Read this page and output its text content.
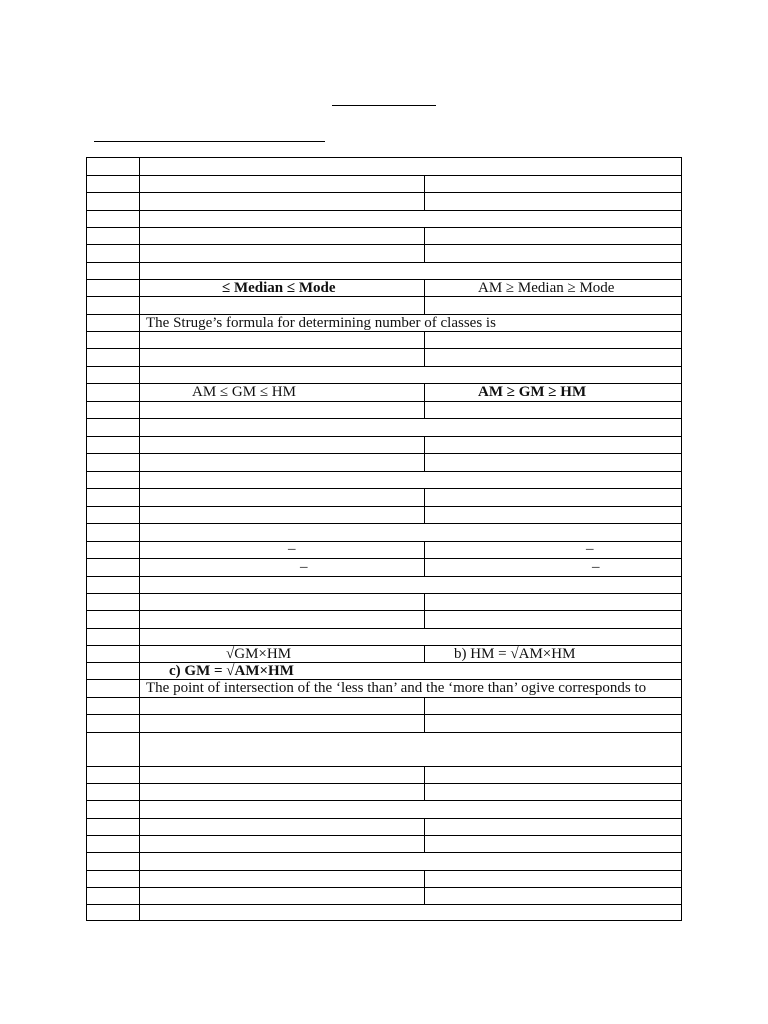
≤ Median ≤ Mode	AM ≥ Median ≥ Mode
The Struge’s formula for determining number of classes is
AM ≤ GM ≤ HM	AM ≥ GM ≥ HM
–	–
–	–
√GM×HM	b) HM = √AM×HM
c) GM = √AM×HM
The point of intersection of the ‘less than’ and the ‘more than’ ogive corresponds to
